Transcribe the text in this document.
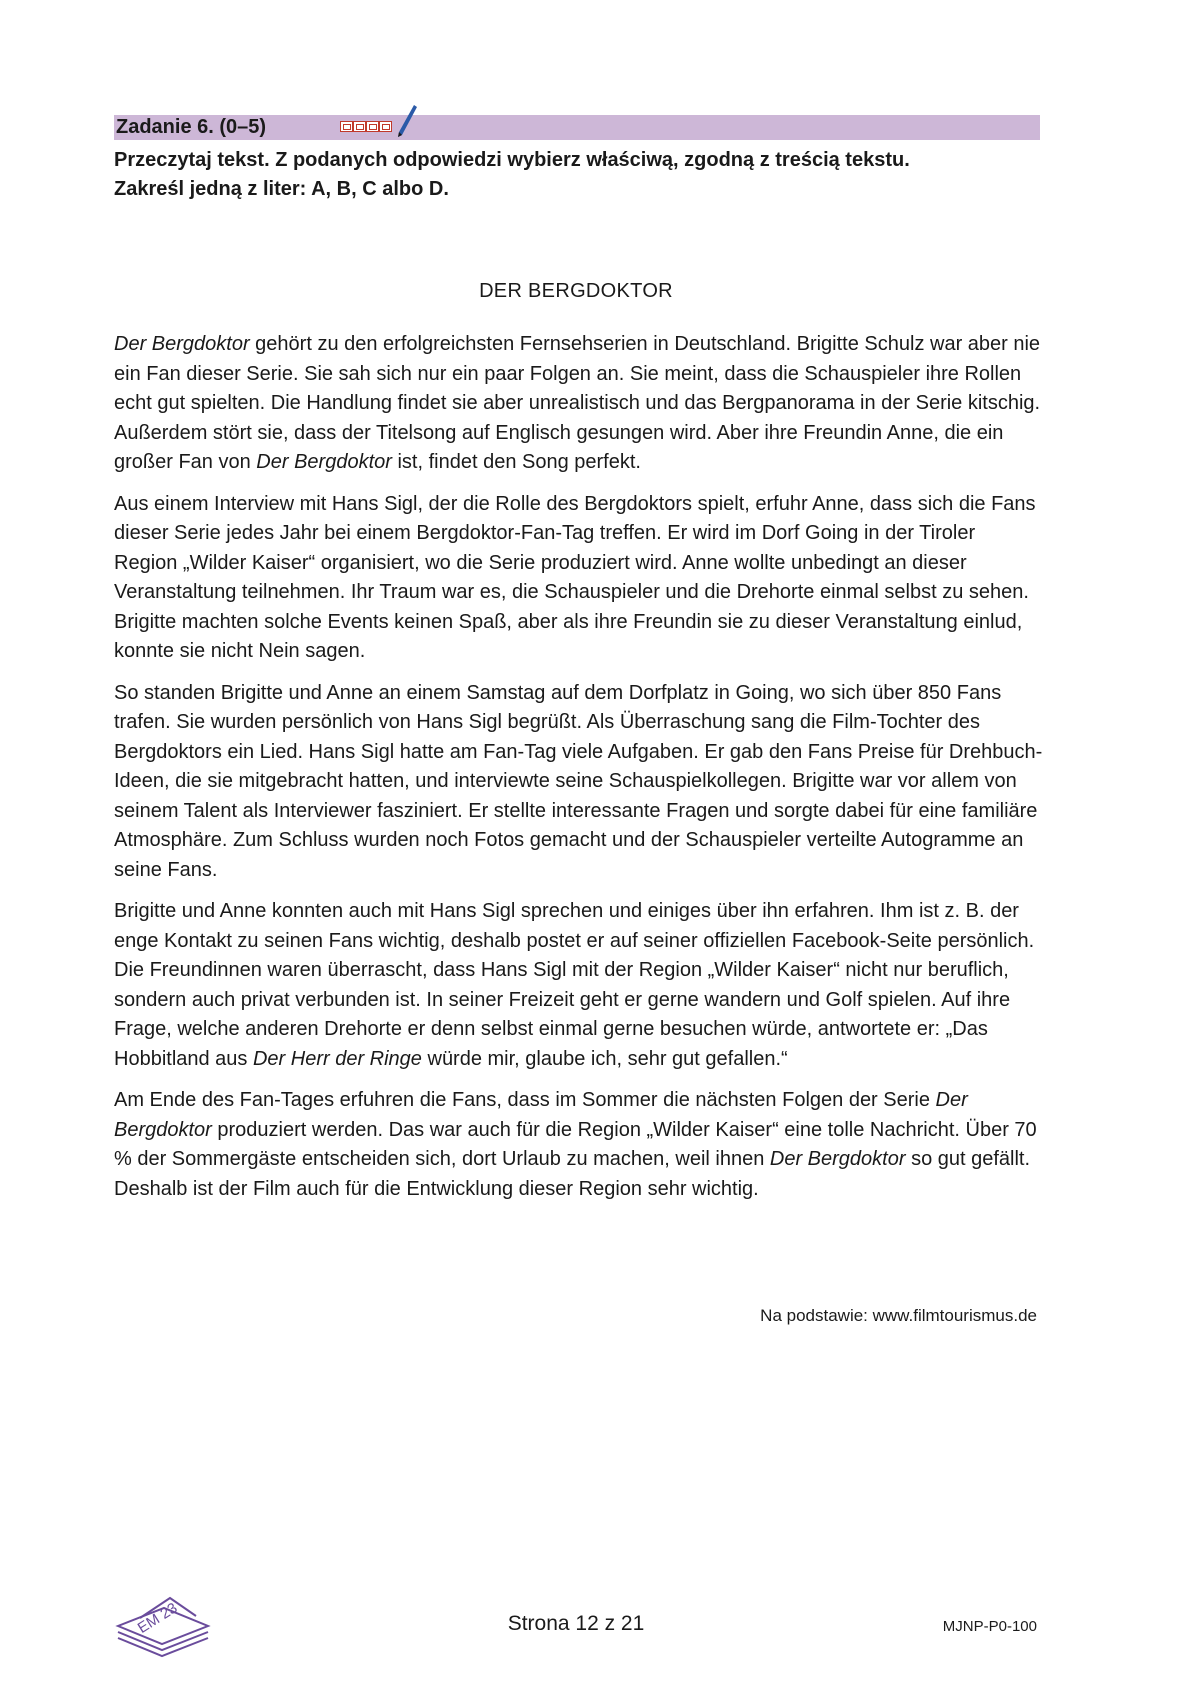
Zadanie 6. (0–5)

Przeczytaj tekst. Z podanych odpowiedzi wybierz właściwą, zgodną z treścią tekstu.

Zakreśl jedną z liter: A, B, C albo D.

DER BERGDOKTOR

Der Bergdoktor gehört zu den erfolgreichsten Fernsehserien in Deutschland. Brigitte Schulz war aber nie ein Fan dieser Serie. Sie sah sich nur ein paar Folgen an. Sie meint, dass die Schauspieler ihre Rollen echt gut spielten. Die Handlung findet sie aber unrealistisch und das Bergpanorama in der Serie kitschig. Außerdem stört sie, dass der Titelsong auf Englisch gesungen wird. Aber ihre Freundin Anne, die ein großer Fan von Der Bergdoktor ist, findet den Song perfekt.

Aus einem Interview mit Hans Sigl, der die Rolle des Bergdoktors spielt, erfuhr Anne, dass sich die Fans dieser Serie jedes Jahr bei einem Bergdoktor-Fan-Tag treffen. Er wird im Dorf Going in der Tiroler Region „Wilder Kaiser“ organisiert, wo die Serie produziert wird. Anne wollte unbedingt an dieser Veranstaltung teilnehmen. Ihr Traum war es, die Schauspieler und die Drehorte einmal selbst zu sehen. Brigitte machten solche Events keinen Spaß, aber als ihre Freundin sie zu dieser Veranstaltung einlud, konnte sie nicht Nein sagen.

So standen Brigitte und Anne an einem Samstag auf dem Dorfplatz in Going, wo sich über 850 Fans trafen. Sie wurden persönlich von Hans Sigl begrüßt. Als Überraschung sang die Film-Tochter des Bergdoktors ein Lied. Hans Sigl hatte am Fan-Tag viele Aufgaben. Er gab den Fans Preise für Drehbuch-Ideen, die sie mitgebracht hatten, und interviewte seine Schauspielkollegen. Brigitte war vor allem von seinem Talent als Interviewer fasziniert. Er stellte interessante Fragen und sorgte dabei für eine familiäre Atmosphäre. Zum Schluss wurden noch Fotos gemacht und der Schauspieler verteilte Autogramme an seine Fans.

Brigitte und Anne konnten auch mit Hans Sigl sprechen und einiges über ihn erfahren. Ihm ist z. B. der enge Kontakt zu seinen Fans wichtig, deshalb postet er auf seiner offiziellen Facebook-Seite persönlich. Die Freundinnen waren überrascht, dass Hans Sigl mit der Region „Wilder Kaiser“ nicht nur beruflich, sondern auch privat verbunden ist. In seiner Freizeit geht er gerne wandern und Golf spielen. Auf ihre Frage, welche anderen Drehorte er denn selbst einmal gerne besuchen würde, antwortete er: „Das Hobbitland aus Der Herr der Ringe würde mir, glaube ich, sehr gut gefallen.“

Am Ende des Fan-Tages erfuhren die Fans, dass im Sommer die nächsten Folgen der Serie Der Bergdoktor produziert werden. Das war auch für die Region „Wilder Kaiser“ eine tolle Nachricht. Über 70 % der Sommergäste entscheiden sich, dort Urlaub zu machen, weil ihnen Der Bergdoktor so gut gefällt. Deshalb ist der Film auch für die Entwicklung dieser Region sehr wichtig.

Na podstawie: www.filmtourismus.de
EM 23	Strona 12 z 21	MJNP-P0-100
